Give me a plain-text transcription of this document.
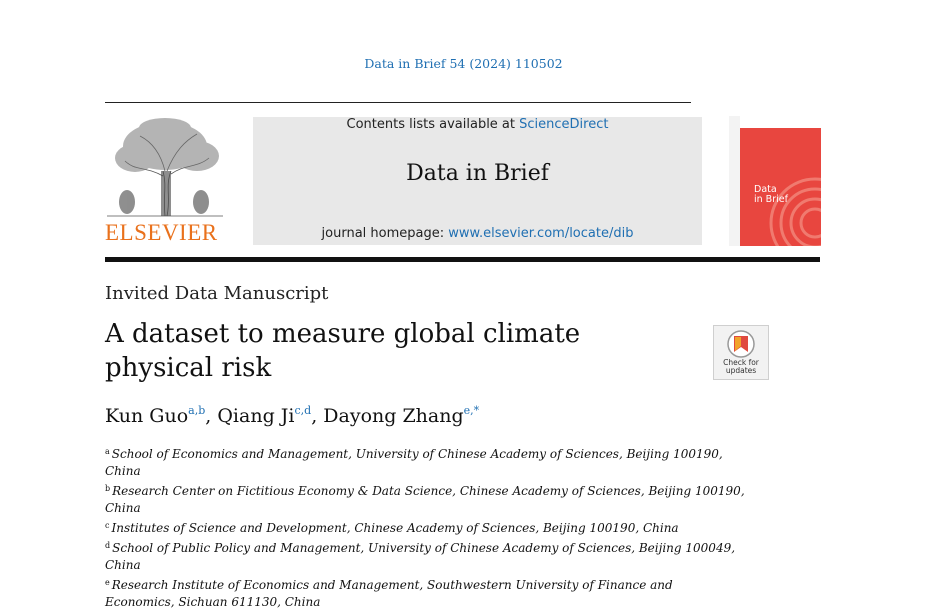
Data in Brief 54 (2024) 110502
ELSEVIER
Contents lists available at ScienceDirect
Data in Brief
journal homepage: www.elsevier.com/locate/dib
Data
in Brief
Invited Data Manuscript
A dataset to measure global climate physical risk	Check for
updates
Kun Guo$^{a,b}$, Qiang Ji$^{c,d}$, Dayong Zhang$^{e,*}$
$^a$ School of Economics and Management, University of Chinese Academy of Sciences, Beijing 100190, China
$^b$ Research Center on Fictitious Economy & Data Science, Chinese Academy of Sciences, Beijing 100190, China
$^c$ Institutes of Science and Development, Chinese Academy of Sciences, Beijing 100190, China
$^d$ School of Public Policy and Management, University of Chinese Academy of Sciences, Beijing 100049, China
$^e$ Research Institute of Economics and Management, Southwestern University of Finance and Economics, Sichuan 611130, China
